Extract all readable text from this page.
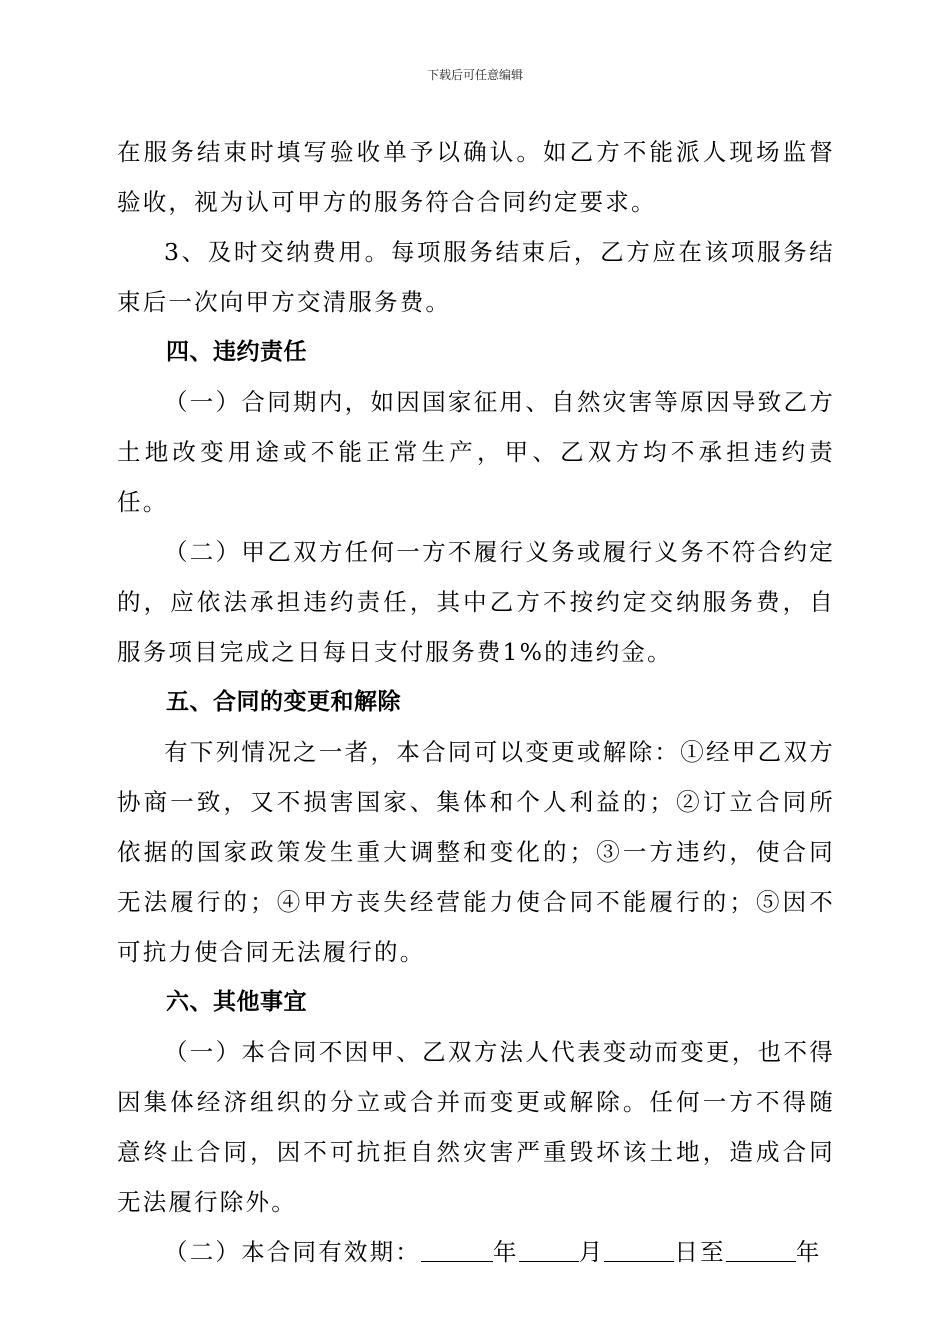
下载后可任意编辑

在服务结束时填写验收单予以确认。如乙方不能派人现场监督验收，视为认可甲方的服务符合合同约定要求。

3、及时交纳费用。每项服务结束后，乙方应在该项服务结束后一次向甲方交清服务费。

四、违约责任

（一）合同期内，如因国家征用、自然灾害等原因导致乙方土地改变用途或不能正常生产，甲、乙双方均不承担违约责任。

（二）甲乙双方任何一方不履行义务或履行义务不符合约定的，应依法承担违约责任，其中乙方不按约定交纳服务费，自服务项目完成之日每日支付服务费1%的违约金。

五、合同的变更和解除

有下列情况之一者，本合同可以变更或解除：①经甲乙双方协商一致，又不损害国家、集体和个人利益的；②订立合同所依据的国家政策发生重大调整和变化的；③一方违约，使合同无法履行的；④甲方丧失经营能力使合同不能履行的；⑤因不可抗力使合同无法履行的。

六、其他事宜

（一）本合同不因甲、乙双方法人代表变动而变更，也不得因集体经济组织的分立或合并而变更或解除。任何一方不得随意终止合同，因不可抗拒自然灾害严重毁坏该土地，造成合同无法履行除外。

（二）本合同有效期：	年	月	日至	年
